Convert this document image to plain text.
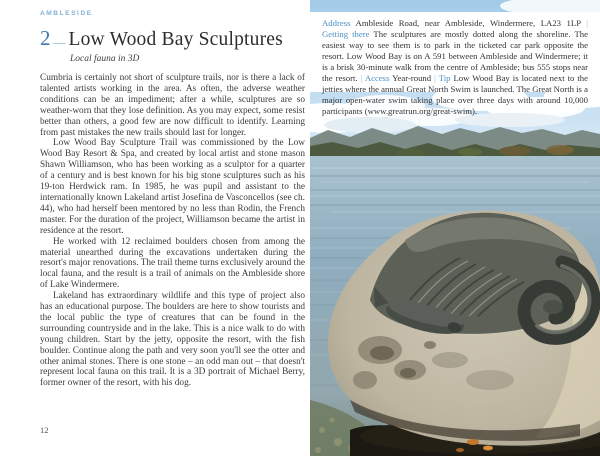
AMBLESIDE
2 Low Wood Bay Sculptures
Local fauna in 3D

Cumbria is certainly not short of sculpture trails, nor is there a lack of talented artists working in the area. As often, the adverse weather conditions can be an impediment; after a while, sculptures are so weather-worn that they lose definition. As you may expect, some resist better than others, a good few are now difficult to identify. Learning from past mistakes the new trails should last for longer.

Low Wood Bay Sculpture Trail was commissioned by the Low Wood Bay Resort & Spa, and created by local artist and stone mason Shawn Williamson, who has been working as a sculptor for a quarter of a century and is best known for his big stone sculptures such as his 19-ton Herdwick ram. In 1985, he was pupil and assistant to the internationally known Lakeland artist Josefina de Vasconcellos (see ch. 44), who had herself been mentored by no less than Rodin, the French master. For the duration of the project, Williamson became the artist in residence at the resort.

He worked with 12 reclaimed boulders chosen from among the material unearthed during the excavations undertaken during the resort's major renovations. The trail theme turns exclusively around the local fauna, and the result is a trail of animals on the Ambleside shore of Lake Windermere.

Lakeland has extraordinary wildlife and this type of project also has an educational purpose. The boulders are here to show tourists and the local public the type of creatures that can be found in the surrounding countryside and in the lake. This is a nice walk to do with young children. Start by the jetty, opposite the resort, with the fish boulder. Continue along the path and very soon you'll see the otter and other animal stones. There is one stone – an odd man out – that doesn't represent local fauna on this trail. It is a 3D portrait of Michael Berry, former owner of the resort, with his dog.

12

Address Ambleside Road, near Ambleside, Windermere, LA23 1LP | Getting there The sculptures are mostly dotted along the shoreline. The easiest way to see them is to park in the ticketed car park opposite the resort. Low Wood Bay is on A 591 between Ambleside and Windermere; it is a brisk 30-minute walk from the centre of Ambleside; bus 555 stops near the resort. | Access Year-round | Tip Low Wood Bay is located next to the jetties where the annual Great North Swim is launched. The Great North is a major open-water swim taking place over three days with around 10,000 participants (www.greatrun.org/great-swim).
